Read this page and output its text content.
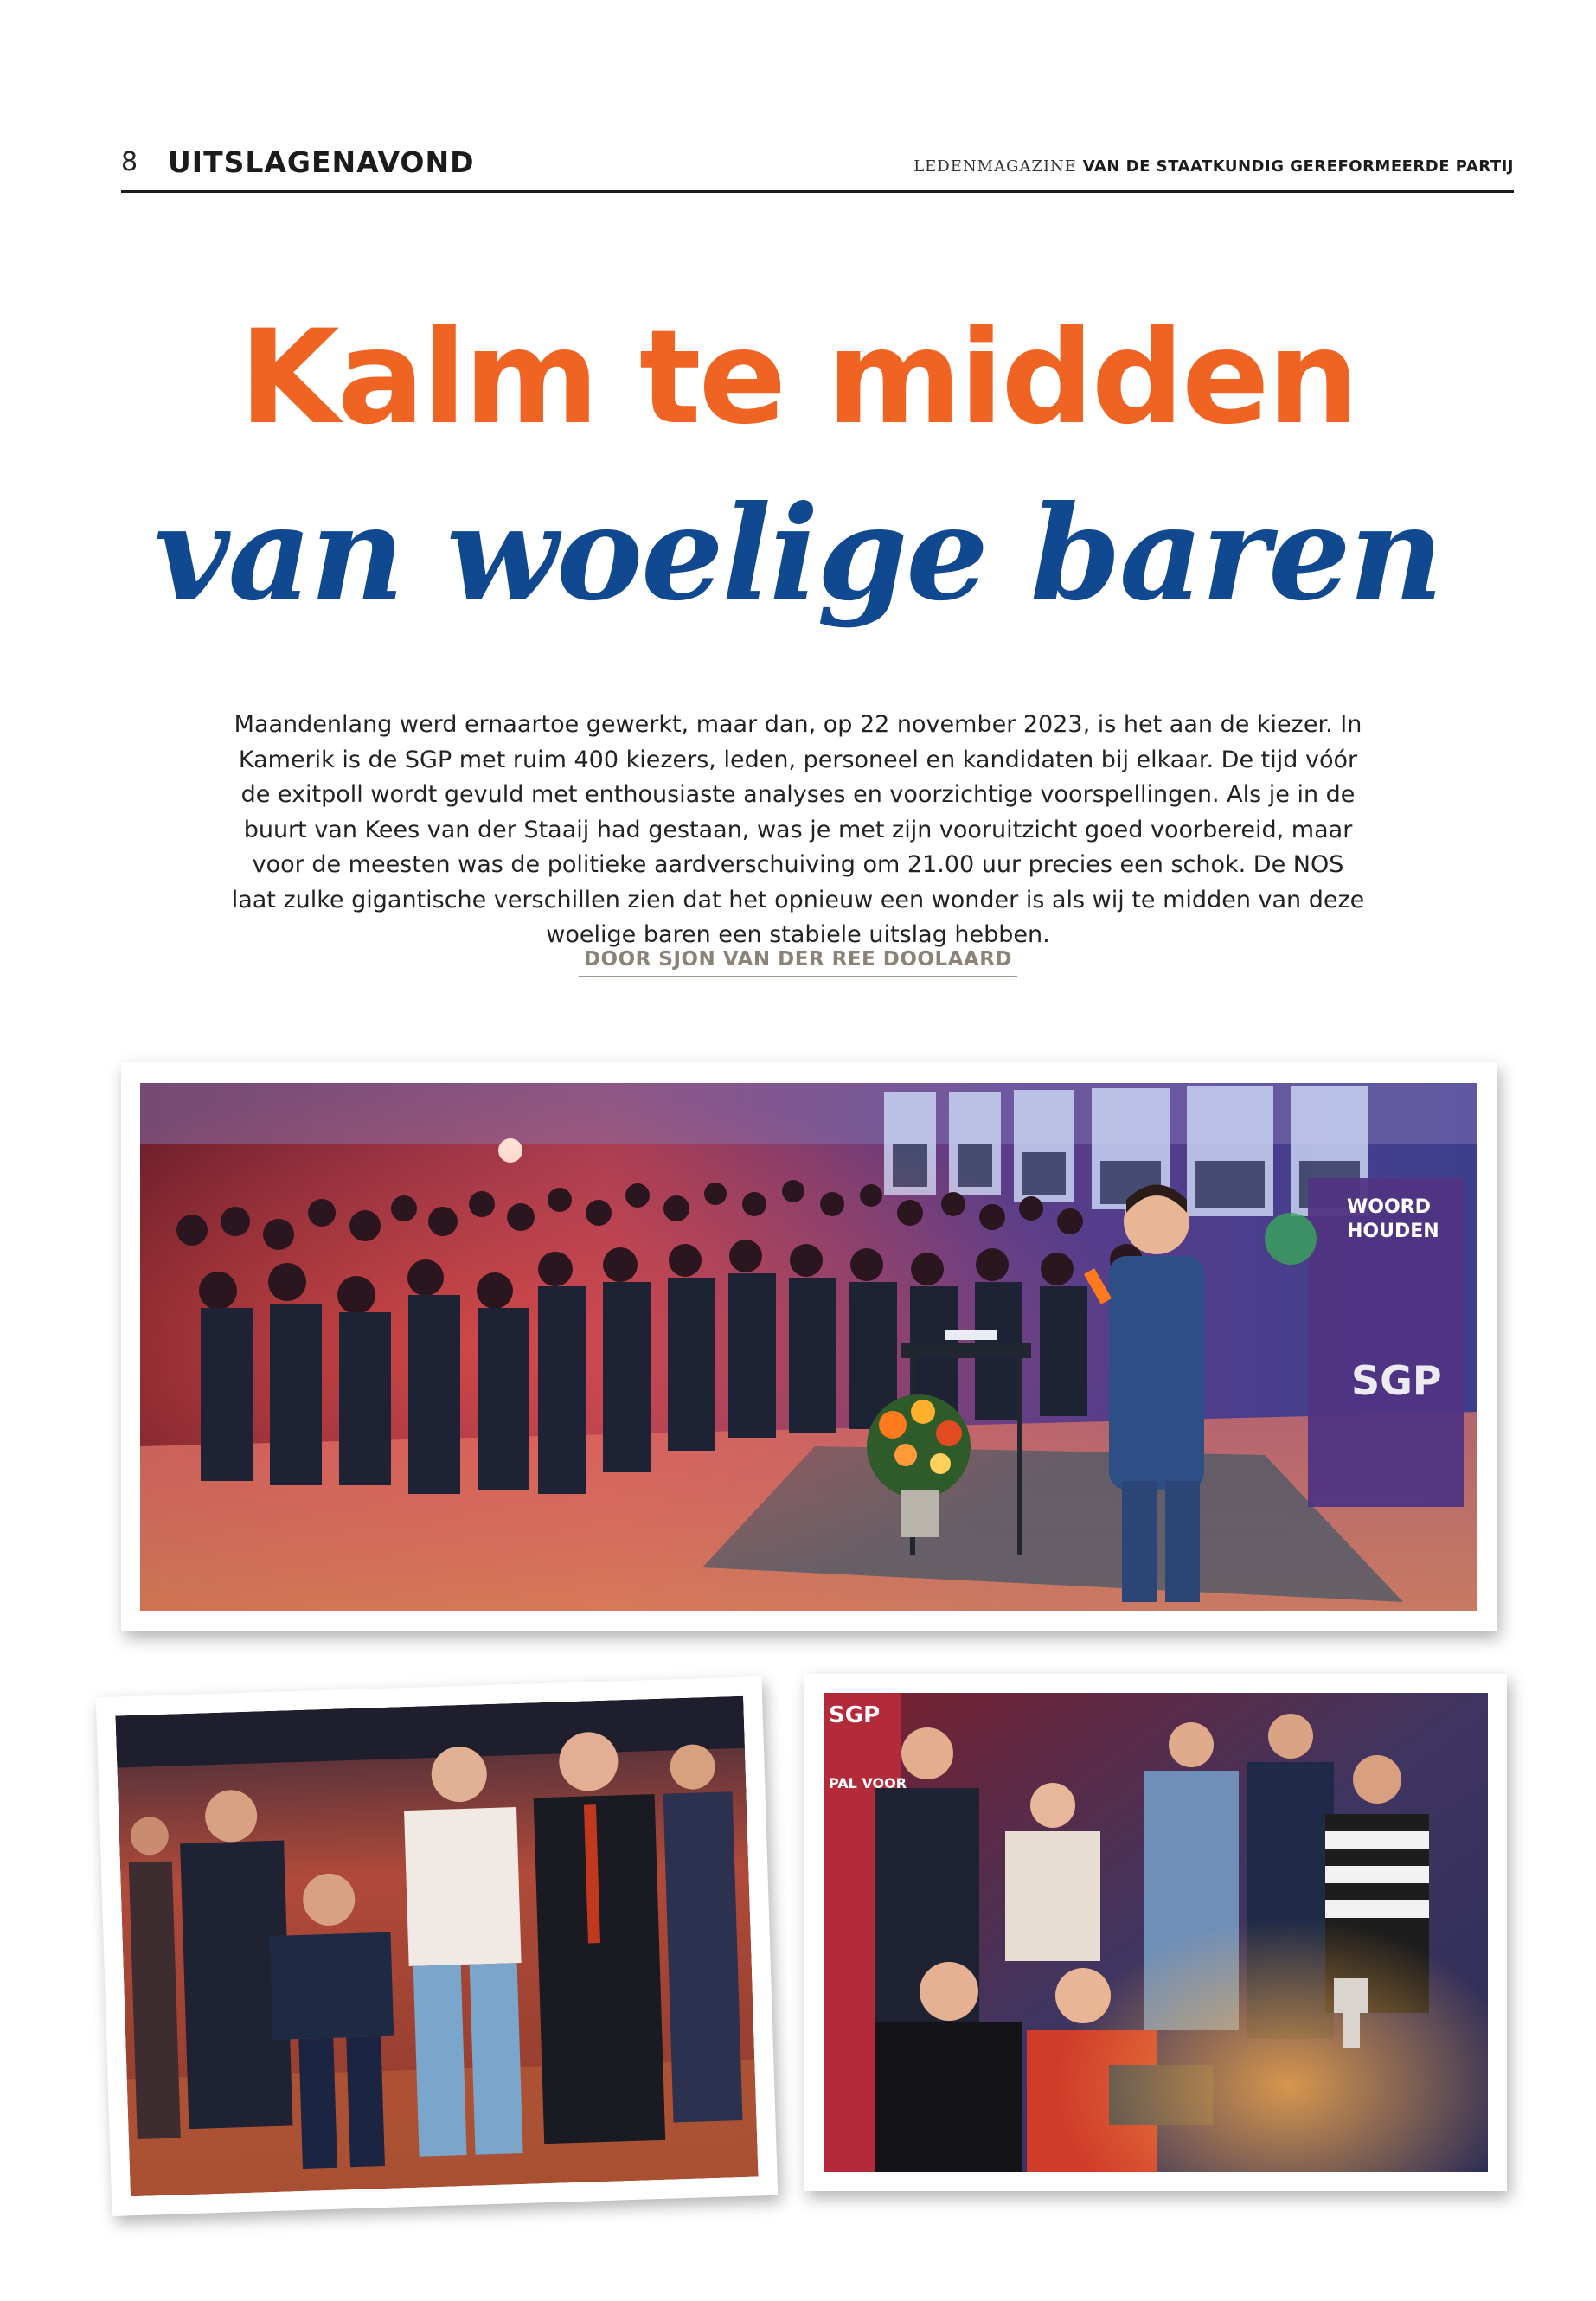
8 UITSLAGENAVOND	LEDENMAGAZINE VAN DE STAATKUNDIG GEREFORMEERDE PARTIJ
Kalm te midden
van woelige baren
Maandenlang werd ernaartoe gewerkt, maar dan, op 22 november 2023, is het aan de kiezer. In Kamerik is de SGP met ruim 400 kiezers, leden, personeel en kandidaten bij elkaar. De tijd vóór de exitpoll wordt gevuld met enthousiaste analyses en voorzichtige voorspellingen. Als je in de buurt van Kees van der Staaij had gestaan, was je met zijn vooruitzicht goed voorbereid, maar voor de meesten was de politieke aardverschuiving om 21.00 uur precies een schok. De NOS laat zulke gigantische verschillen zien dat het opnieuw een wonder is als wij te midden van deze woelige baren een stabiele uitslag hebben.
DOOR SJON VAN DER REE DOOLAARD
WOORD
HOUDEN
SGP
